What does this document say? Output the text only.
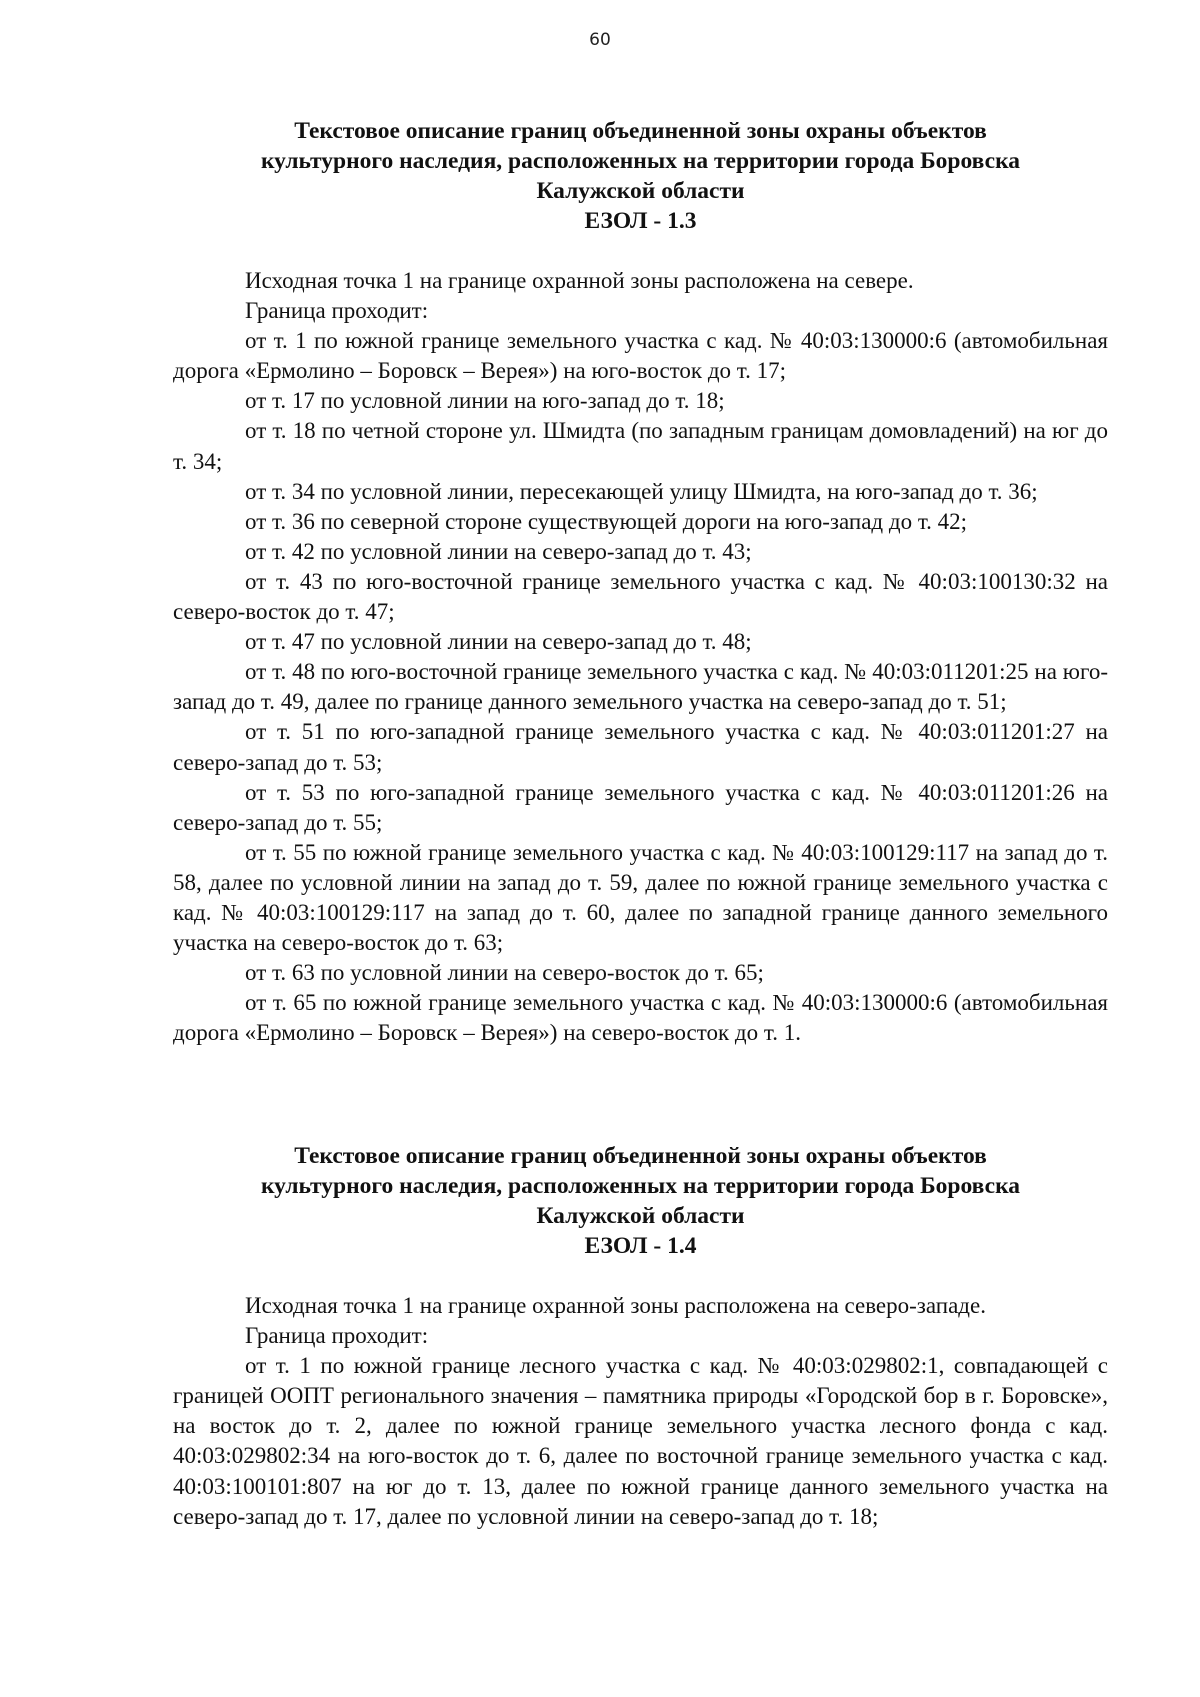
60
Текстовое описание границ объединенной зоны охраны объектов
культурного наследия, расположенных на территории города Боровска
Калужской области
ЕЗОЛ - 1.3

Исходная точка 1 на границе охранной зоны расположена на севере.

Граница проходит:

от т. 1 по южной границе земельного участка с кад. № 40:03:130000:6 (автомобильная дорога «Ермолино – Боровск – Верея») на юго-восток до т. 17;

от т. 17 по условной линии на юго-запад до т. 18;

от т. 18 по четной стороне ул. Шмидта (по западным границам домовладений) на юг до т. 34;

от т. 34 по условной линии, пересекающей улицу Шмидта, на юго-запад до т. 36;

от т. 36 по северной стороне существующей дороги на юго-запад до т. 42;

от т. 42 по условной линии на северо-запад до т. 43;

от т. 43 по юго-восточной границе земельного участка с кад. № 40:03:100130:32 на северо-восток до т. 47;

от т. 47 по условной линии на северо-запад до т. 48;

от т. 48 по юго-восточной границе земельного участка с кад. № 40:03:011201:25 на юго-запад до т. 49, далее по границе данного земельного участка на северо-запад до т. 51;

от т. 51 по юго-западной границе земельного участка с кад. № 40:03:011201:27 на северо-запад до т. 53;

от т. 53 по юго-западной границе земельного участка с кад. № 40:03:011201:26 на северо-запад до т. 55;

от т. 55 по южной границе земельного участка с кад. № 40:03:100129:117 на запад до т. 58, далее по условной линии на запад до т. 59, далее по южной границе земельного участка с кад. № 40:03:100129:117 на запад до т. 60, далее по западной границе данного земельного участка на северо-восток до т. 63;

от т. 63 по условной линии на северо-восток до т. 65;

от т. 65 по южной границе земельного участка с кад. № 40:03:130000:6 (автомобильная дорога «Ермолино – Боровск – Верея») на северо-восток до т. 1.

Текстовое описание границ объединенной зоны охраны объектов
культурного наследия, расположенных на территории города Боровска
Калужской области
ЕЗОЛ - 1.4

Исходная точка 1 на границе охранной зоны расположена на северо-западе.

Граница проходит:

от т. 1 по южной границе лесного участка с кад. № 40:03:029802:1, совпадающей с границей ООПТ регионального значения – памятника природы «Городской бор в г. Боровске», на восток до т. 2, далее по южной границе земельного участка лесного фонда с кад. 40:03:029802:34 на юго-восток до т. 6, далее по восточной границе земельного участка с кад. 40:03:100101:807 на юг до т. 13, далее по южной границе данного земельного участка на северо-запад до т. 17, далее по условной линии на северо-запад до т. 18;
